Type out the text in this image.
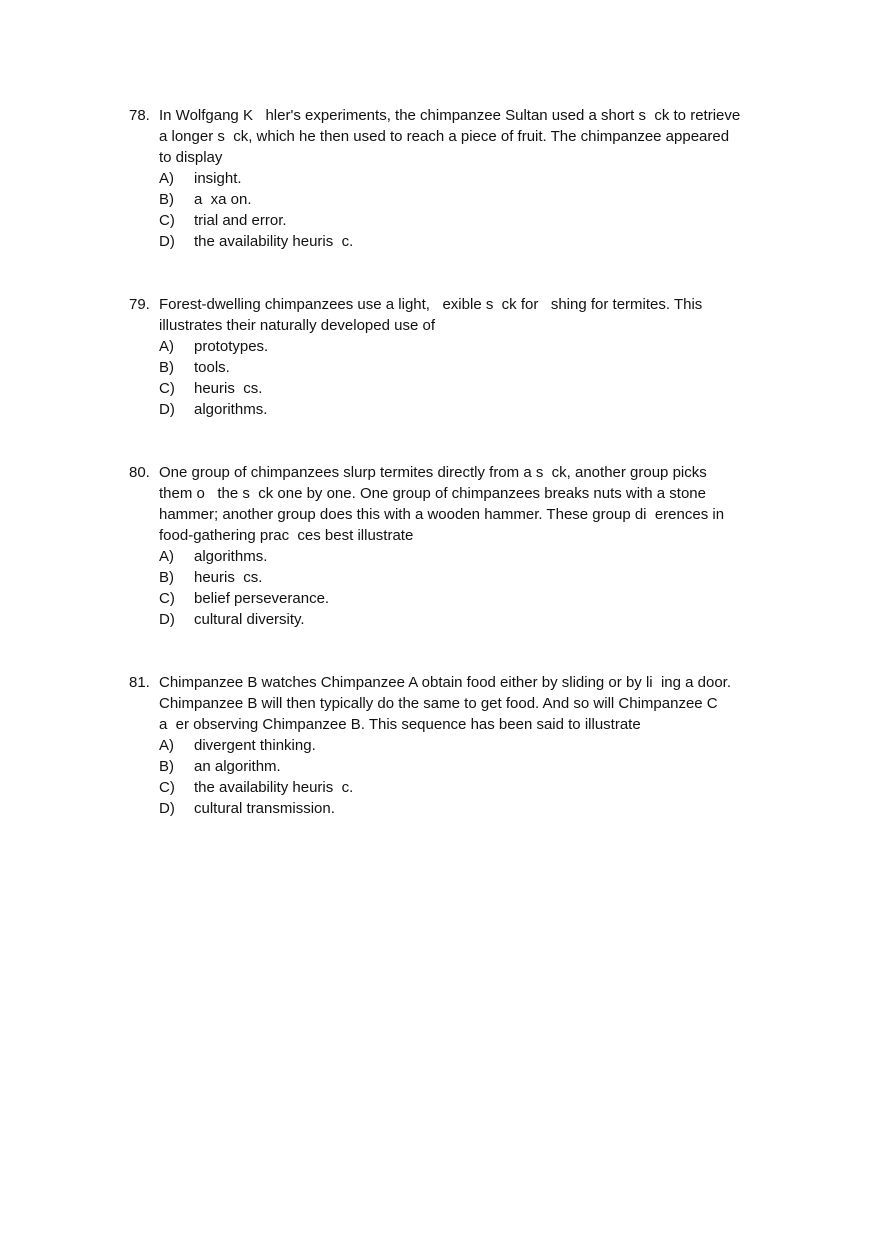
78. In Wolfgang K   hler's experiments, the chimpanzee Sultan used a short s  ck to retrieve
a longer s  ck, which he then used to reach a piece of fruit. The chimpanzee appeared
to display
A) insight.
B) a  xa on.
C) trial and error.
D) the availability heuris  c.
79. Forest-dwelling chimpanzees use a light,   exible s  ck for   shing for termites. This
illustrates their naturally developed use of
A) prototypes.
B) tools.
C) heuris  cs.
D) algorithms.
80. One group of chimpanzees slurp termites directly from a s  ck, another group picks
them o   the s  ck one by one. One group of chimpanzees breaks nuts with a stone
hammer; another group does this with a wooden hammer. These group di  erences in
food-gathering prac  ces best illustrate
A) algorithms.
B) heuris  cs.
C) belief perseverance.
D) cultural diversity.
81. Chimpanzee B watches Chimpanzee A obtain food either by sliding or by li  ing a door.
Chimpanzee B will then typically do the same to get food. And so will Chimpanzee C
a  er observing Chimpanzee B. This sequence has been said to illustrate
A) divergent thinking.
B) an algorithm.
C) the availability heuris  c.
D) cultural transmission.
